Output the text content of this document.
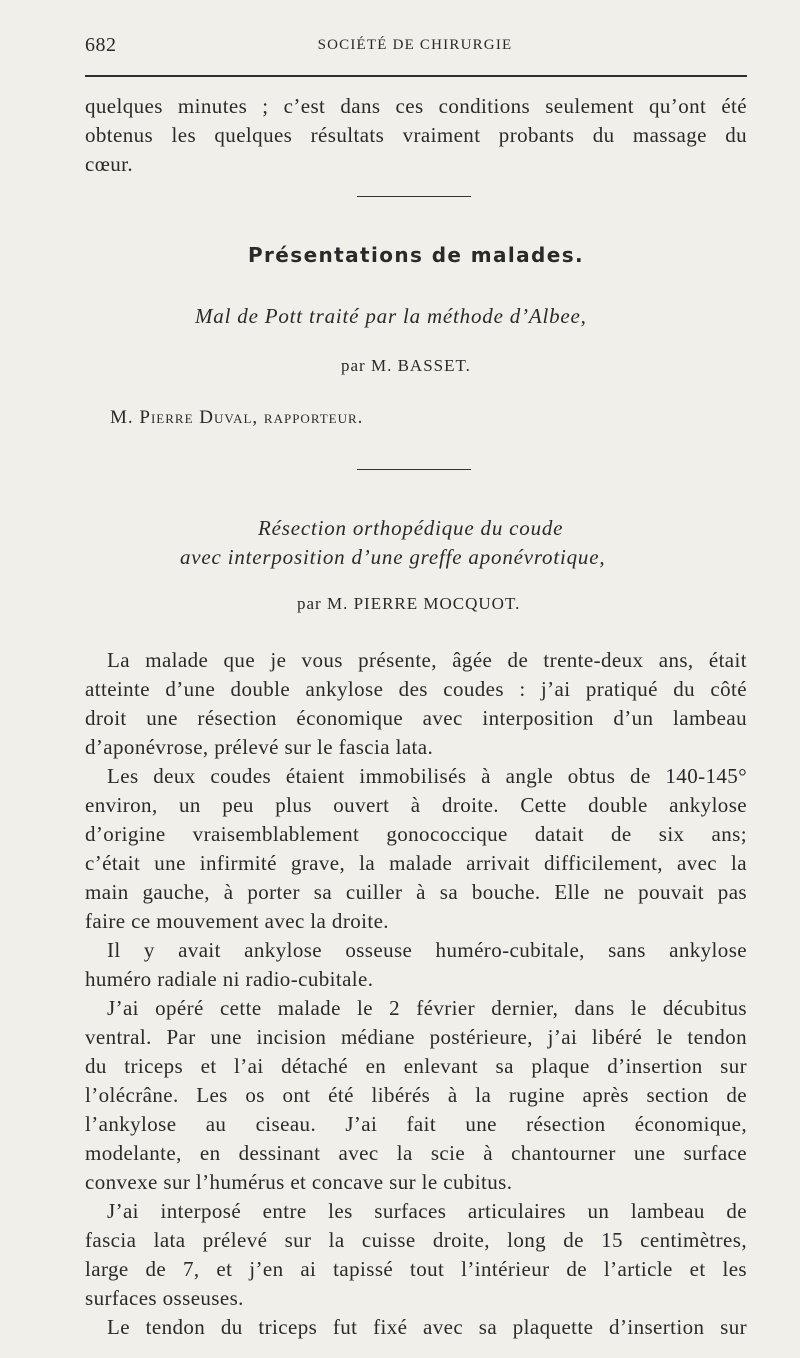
682	SOCIÉTÉ DE CHIRURGIE
quelques minutes ; c’est dans ces conditions seulement qu’ont été
obtenus les quelques résultats vraiment probants du massage du
cœur.
Présentations de malades.
Mal de Pott traité par la méthode d’Albee,
par M. BASSET.
M. Pierre Duval, rapporteur.
Résection orthopédique du coude
avec interposition d’une greffe aponévrotique,
par M. PIERRE MOCQUOT.
La malade que je vous présente, âgée de trente-deux ans, était
atteinte d’une double ankylose des coudes : j’ai pratiqué du côté
droit une résection économique avec interposition d’un lambeau
d’aponévrose, prélevé sur le fascia lata.
Les deux coudes étaient immobilisés à angle obtus de 140-145°
environ, un peu plus ouvert à droite. Cette double ankylose
d’origine vraisemblablement gonococcique datait de six ans;
c’était une infirmité grave, la malade arrivait difficilement, avec la
main gauche, à porter sa cuiller à sa bouche. Elle ne pouvait pas
faire ce mouvement avec la droite.
Il y avait ankylose osseuse huméro-cubitale, sans ankylose
huméro radiale ni radio-cubitale.
J’ai opéré cette malade le 2 février dernier, dans le décubitus
ventral. Par une incision médiane postérieure, j’ai libéré le tendon
du triceps et l’ai détaché en enlevant sa plaque d’insertion sur
l’olécrâne. Les os ont été libérés à la rugine après section de
l’ankylose au ciseau. J’ai fait une résection économique,
modelante, en dessinant avec la scie à chantourner une surface
convexe sur l’humérus et concave sur le cubitus.
J’ai interposé entre les surfaces articulaires un lambeau de
fascia lata prélevé sur la cuisse droite, long de 15 centimètres,
large de 7, et j’en ai tapissé tout l’intérieur de l’article et les
surfaces osseuses.
Le tendon du triceps fut fixé avec sa plaquette d’insertion sur
